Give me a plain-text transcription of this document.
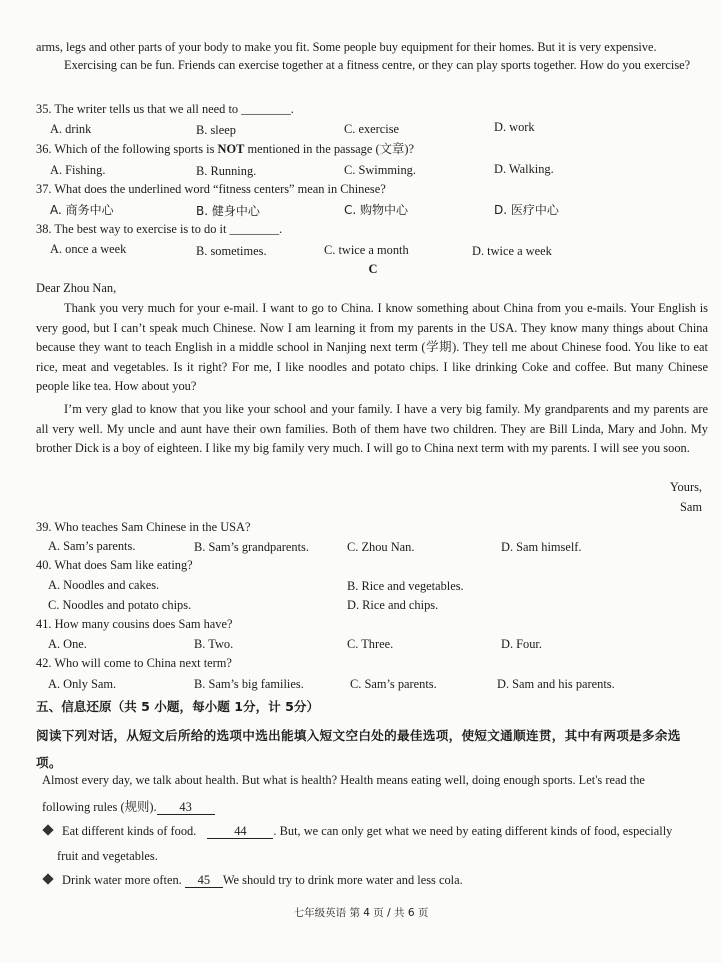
arms, legs and other parts of your body to make you fit. Some people buy equipment for their homes. But it is very expensive.
Exercising can be fun. Friends can exercise together at a fitness centre, or they can play sports together. How do you exercise?
35. The writer tells us that we all need to ________.
A. drink	B. sleep	C. exercise	D. work
36. Which of the following sports is NOT mentioned in the passage (文章)?
A. Fishing.	B. Running.	C. Swimming.	D. Walking.
37. What does the underlined word “fitness centers” mean in Chinese?
A. 商务中心	B. 健身中心	C. 购物中心	D. 医疗中心
38. The best way to exercise is to do it ________.
A. once a week	B. sometimes.	C. twice a month	D. twice a week
C
Dear Zhou Nan,
Thank you very much for your e-mail. I want to go to China. I know something about China from you e-mails. Your English is very good, but I can’t speak much Chinese. Now I am learning it from my parents in the USA. They know many things about China because they want to teach English in a middle school in Nanjing next term (学期). They tell me about Chinese food. You like to eat rice, meat and vegetables. Is it right? For me, I like noodles and potato chips. I like drinking Coke and coffee. But many Chinese people like tea. How about you?
I’m very glad to know that you like your school and your family. I have a very big family. My grandparents and my parents are all very well. My uncle and aunt have their own families. Both of them have two children. They are Bill Linda, Mary and John. My brother Dick is a boy of eighteen. I like my big family very much. I will go to China next term with my parents. I will see you soon.
Yours,
Sam
39. Who teaches Sam Chinese in the USA?
A. Sam’s parents.	B. Sam’s grandparents.	C. Zhou Nan.	D. Sam himself.
40. What does Sam like eating?
A. Noodles and cakes.	B. Rice and vegetables.
C. Noodles and potato chips.	D. Rice and chips.
41. How many cousins does Sam have?
A. One.	B. Two.	C. Three.	D. Four.
42. Who will come to China next term?
A. Only Sam.	B. Sam’s big families.	C. Sam’s parents.	D. Sam and his parents.
五、信息还原（共 5 小题，每小题 1分，计 5分）
阅读下列对话，从短文后所给的选项中选出能填入短文空白处的最佳选项，使短文通顺连贯，其中有两项是多余选项。
Almost every day, we talk about health. But what is health? Health means eating well, doing enough sports. Let's read the
following rules (规则). 43
Eat different kinds of food.	44 . But, we can only get what we need by eating different kinds of food, especially
fruit and vegetables.
Drink water more often. 45 We should try to drink more water and less cola.
七年级英语 第 4 页 / 共 6 页
